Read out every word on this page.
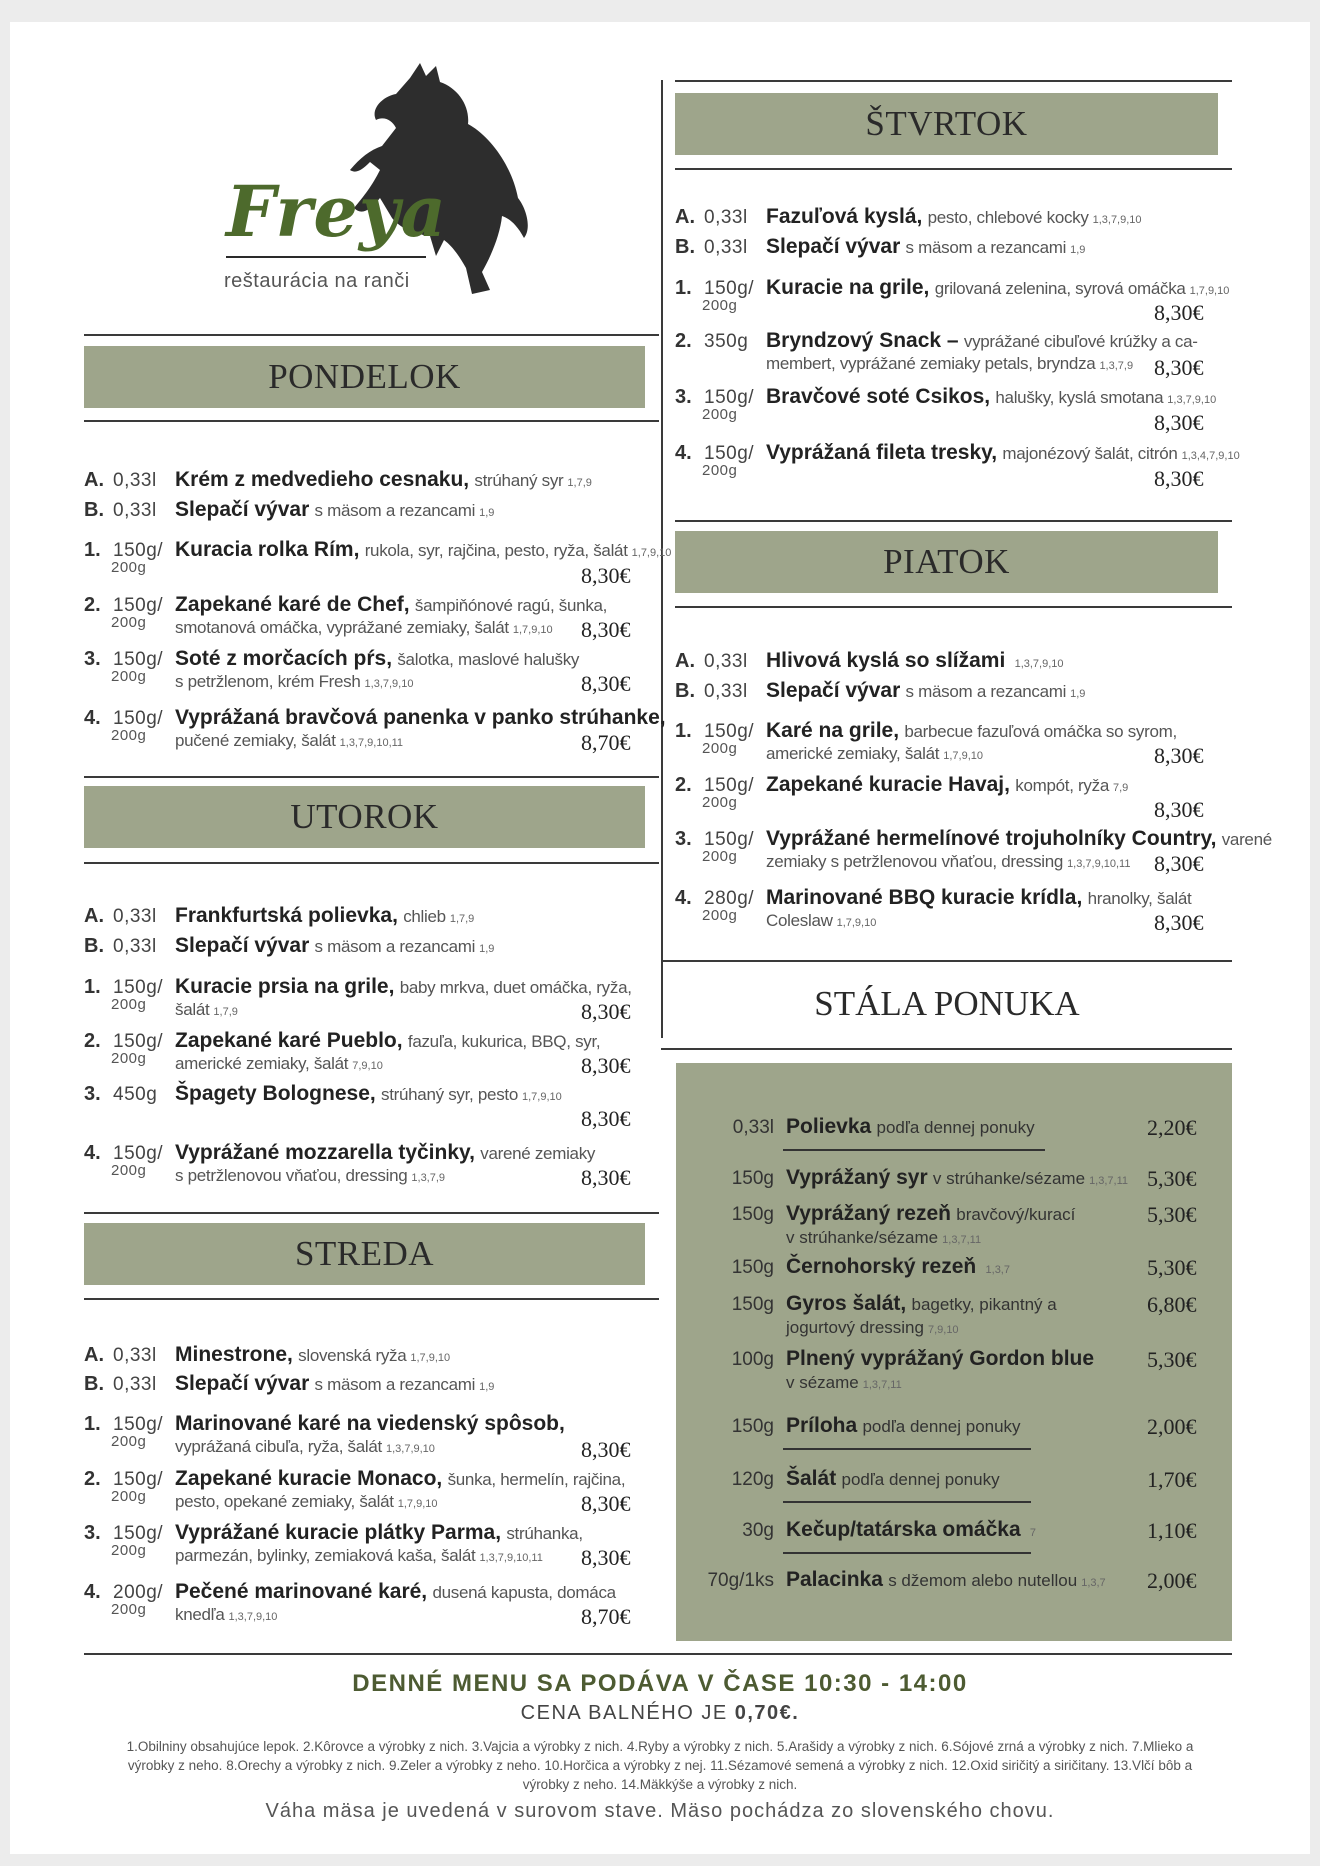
Freya
reštaurácia na ranči
PONDELOK
A. 0,33l Krém z medvedieho cesnaku, strúhaný syr 1,7,9
B. 0,33l Slepačí vývar s mäsom a rezancami 1,9
1. 150g/ Kuracia rolka Rím, rukola, syr, rajčina, pesto, ryža, šalát 1,7,9,10
200g	8,30€
2. 150g/ Zapekané karé de Chef, šampiňónové ragú, šunka,
200g smotanová omáčka, vyprážané zemiaky, šalát 1,7,9,10 8,30€
3. 150g/ Soté z morčacích pŕs, šalotka, maslové halušky
200g s petržlenom, krém Fresh 1,3,7,9,10	8,30€
4. 150g/ Vyprážaná bravčová panenka v panko strúhanke,
200g pučené zemiaky, šalát 1,3,7,9,10,11	8,70€
UTOROK
A. 0,33l Frankfurtská polievka, chlieb 1,7,9
B. 0,33l Slepačí vývar s mäsom a rezancami 1,9
1. 150g/ Kuracie prsia na grile, baby mrkva, duet omáčka, ryža,
200g šalát 1,7,9	8,30€
2. 150g/ Zapekané karé Pueblo, fazuľa, kukurica, BBQ, syr,
200g americké zemiaky, šalát 7,9,10	8,30€
3. 450g Špagety Bolognese, strúhaný syr, pesto 1,7,9,10
8,30€
4. 150g/ Vyprážané mozzarella tyčinky, varené zemiaky
200g s petržlenovou vňaťou, dressing 1,3,7,9	8,30€
STREDA
A. 0,33l Minestrone, slovenská ryža 1,7,9,10
B. 0,33l Slepačí vývar s mäsom a rezancami 1,9
1. 150g/ Marinované karé na viedenský spôsob,
200g vyprážaná cibuľa, ryža, šalát 1,3,7,9,10	8,30€
2. 150g/ Zapekané kuracie Monaco, šunka, hermelín, rajčina,
200g pesto, opekané zemiaky, šalát 1,7,9,10	8,30€
3. 150g/ Vyprážané kuracie plátky Parma, strúhanka,
200g parmezán, bylinky, zemiaková kaša, šalát 1,3,7,9,10,11 8,30€
4. 200g/ Pečené marinované karé, dusená kapusta, domáca
200g knedľa 1,3,7,9,10	8,70€
ŠTVRTOK
A. 0,33l Fazuľová kyslá, pesto, chlebové kocky 1,3,7,9,10
B. 0,33l Slepačí vývar s mäsom a rezancami 1,9
1. 150g/ Kuracie na grile, grilovaná zelenina, syrová omáčka 1,7,9,10
200g	8,30€
2. 350g Bryndzový Snack – vyprážané cibuľové krúžky a ca-
membert, vyprážané zemiaky petals, bryndza 1,3,7,9 8,30€
3. 150g/ Bravčové soté Csikos, halušky, kyslá smotana 1,3,7,9,10
200g	8,30€
4. 150g/ Vyprážaná fileta tresky, majonézový šalát, citrón 1,3,4,7,9,10
200g	8,30€
PIATOK
A. 0,33l Hlivová kyslá so slížami 1,3,7,9,10
B. 0,33l Slepačí vývar s mäsom a rezancami 1,9
1. 150g/ Karé na grile, barbecue fazuľová omáčka so syrom,
200g americké zemiaky, šalát 1,7,9,10	8,30€
2. 150g/ Zapekané kuracie Havaj, kompót, ryža 7,9
200g	8,30€
3. 150g/ Vyprážané hermelínové trojuholníky Country, varené
200g zemiaky s petržlenovou vňaťou, dressing 1,3,7,9,10,11 8,30€
4. 280g/ Marinované BBQ kuracie krídla, hranolky, šalát
200g Coleslaw 1,7,9,10	8,30€
STÁLA PONUKA
0,33l Polievka podľa dennej ponuky	2,20€
150g Vyprážaný syr v strúhanke/sézame 1,3,7,11 5,30€
150g Vyprážaný rezeň bravčový/kurací
v strúhanke/sézame 1,3,7,11
5,30€
150g Černohorský rezeň 1,3,7	5,30€
150g Gyros šalát, bagetky, pikantný a
jogurtový dressing 7,9,10
6,80€
100g Plnený vyprážaný Gordon blue
v sézame 1,3,7,11
5,30€
150g Príloha podľa dennej ponuky	2,00€
120g Šalát podľa dennej ponuky	1,70€
30g Kečup/tatárska omáčka 7	1,10€
70g/1ks Palacinka s džemom alebo nutellou 1,3,7 2,00€
DENNÉ MENU SA PODÁVA V ČASE 10:30 - 14:00
CENA BALNÉHO JE 0,70€.
1.Obilniny obsahujúce lepok. 2.Kôrovce a výrobky z nich. 3.Vajcia a výrobky z nich. 4.Ryby a výrobky z nich. 5.Arašidy a výrobky z nich. 6.Sójové zrná a výrobky z nich. 7.Mlieko a výrobky z neho. 8.Orechy a výrobky z nich. 9.Zeler a výrobky z neho. 10.Horčica a výrobky z nej. 11.Sézamové semená a výrobky z nich. 12.Oxid siričitý a siričitany. 13.Vlčí bôb a výrobky z neho. 14.Mäkkýše a výrobky z nich.
Váha mäsa je uvedená v surovom stave. Mäso pochádza zo slovenského chovu.
